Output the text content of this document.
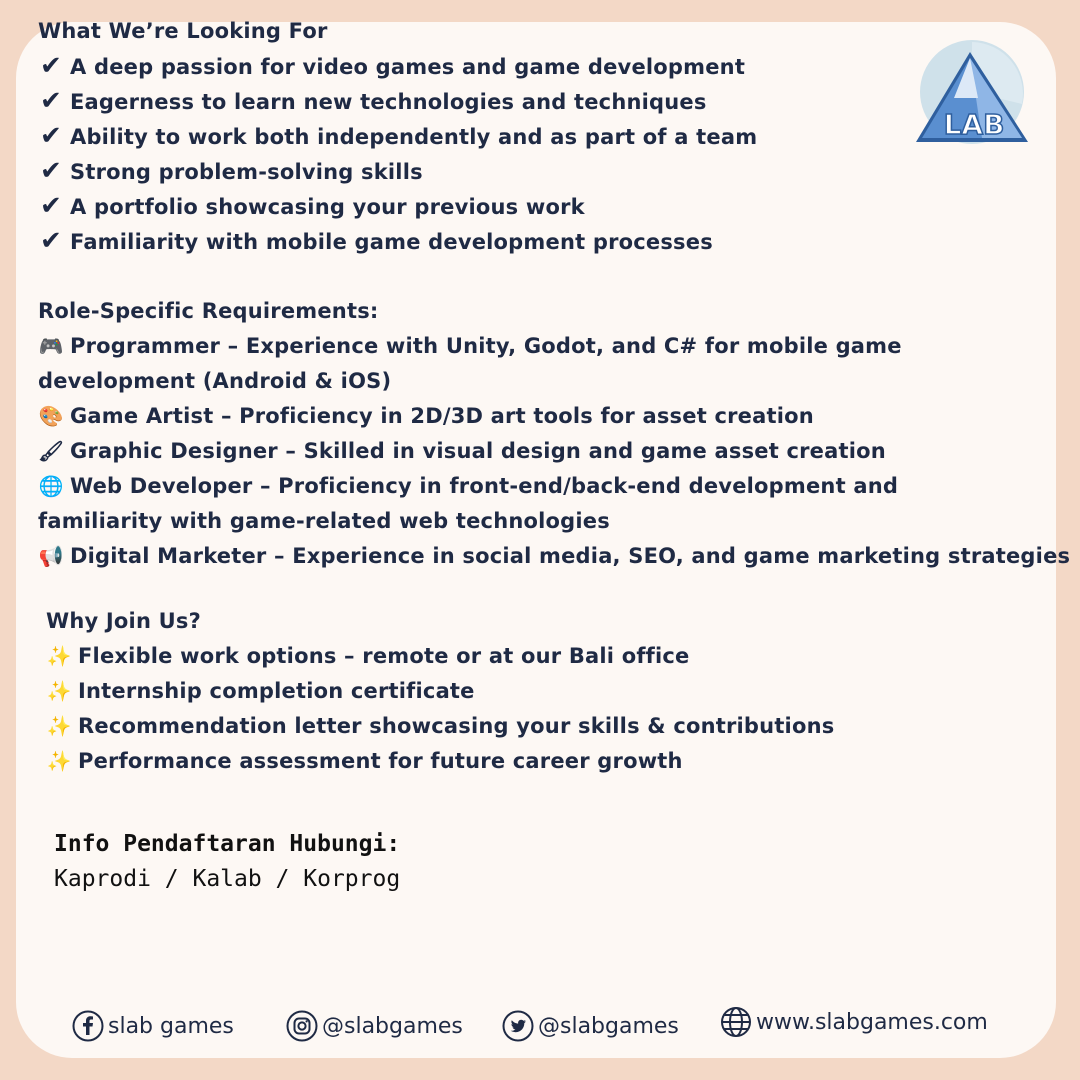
LAB
What We’re Looking For
✔ A deep passion for video games and game development
✔ Eagerness to learn new technologies and techniques
✔ Ability to work both independently and as part of a team
✔ Strong problem-solving skills
✔ A portfolio showcasing your previous work
✔ Familiarity with mobile game development processes
Role-Specific Requirements:
🎮 Programmer – Experience with Unity, Godot, and C# for mobile game development (Android & iOS)
🎨 Game Artist – Proficiency in 2D/3D art tools for asset creation
🖌 Graphic Designer – Skilled in visual design and game asset creation
🌐 Web Developer – Proficiency in front-end/back-end development and familiarity with game-related web technologies
📢 Digital Marketer – Experience in social media, SEO, and game marketing strategies
Why Join Us?
✨ Flexible work options – remote or at our Bali office
✨ Internship completion certificate
✨ Recommendation letter showcasing your skills & contributions
✨ Performance assessment for future career growth
Info Pendaftaran Hubungi:
Kaprodi / Kalab / Korprog
slab games	@slabgames	@slabgames	www.slabgames.com
